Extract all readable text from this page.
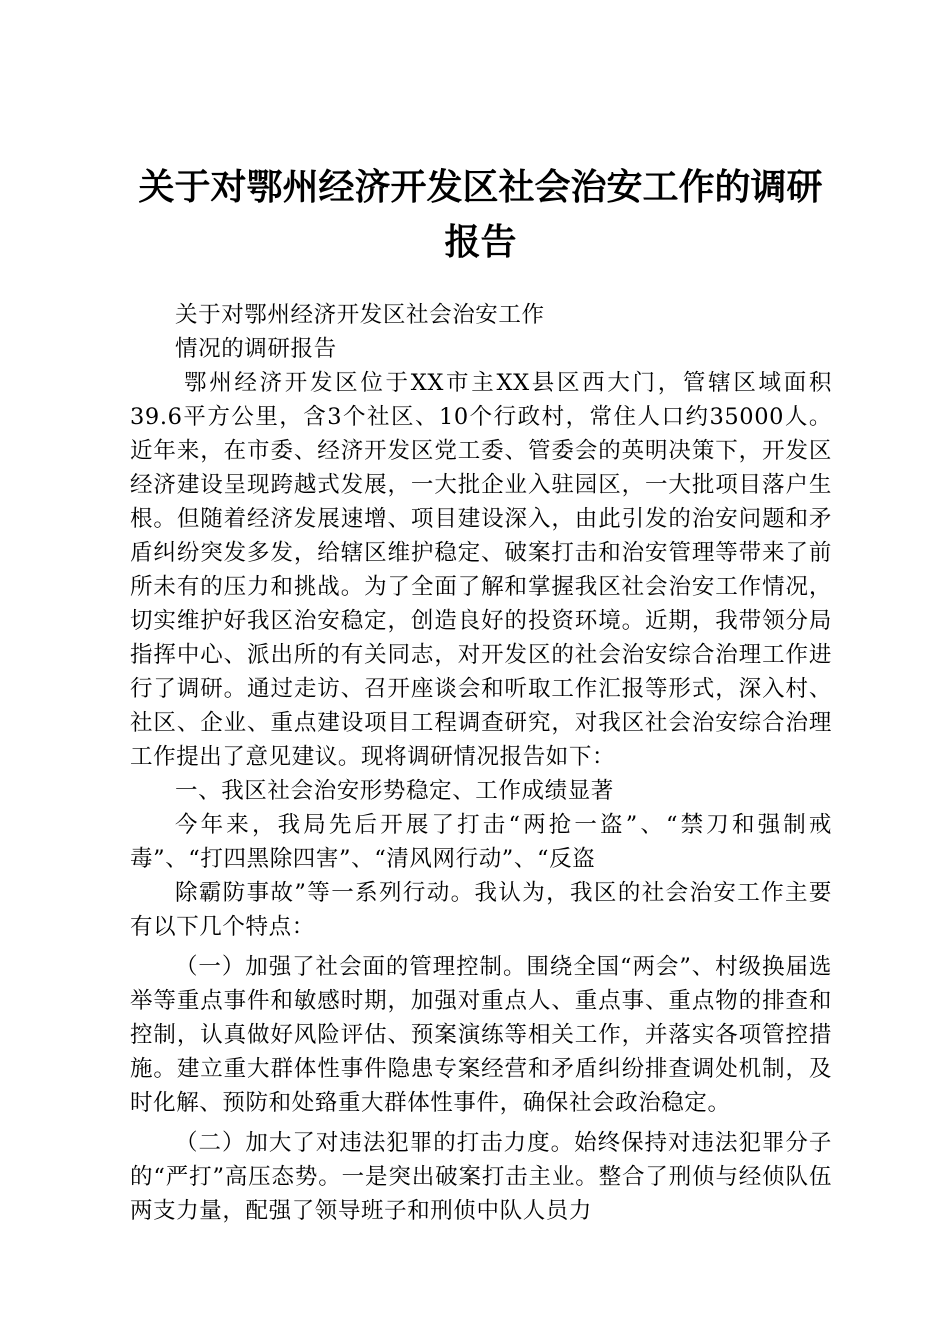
关于对鄂州经济开发区社会治安工作的调研报告

关于对鄂州经济开发区社会治安工作

情况的调研报告

鄂州经济开发区位于XX市主XX县区西大门，管辖区域面积39.6平方公里，含3个社区、10个行政村，常住人口约35000人。近年来，在市委、经济开发区党工委、管委会的英明决策下，开发区经济建设呈现跨越式发展，一大批企业入驻园区，一大批项目落户生根。但随着经济发展速增、项目建设深入，由此引发的治安问题和矛盾纠纷突发多发，给辖区维护稳定、破案打击和治安管理等带来了前所未有的压力和挑战。为了全面了解和掌握我区社会治安工作情况，切实维护好我区治安稳定，创造良好的投资环境。近期，我带领分局指挥中心、派出所的有关同志，对开发区的社会治安综合治理工作进行了调研。通过走访、召开座谈会和听取工作汇报等形式，深入村、社区、企业、重点建设项目工程调查研究，对我区社会治安综合治理工作提出了意见建议。现将调研情况报告如下：

一、我区社会治安形势稳定、工作成绩显著

今年来，我局先后开展了打击“两抢一盗”、“禁刀和强制戒毒”、“打四黑除四害”、“清风网行动”、“反盗

除霸防事故”等一系列行动。我认为，我区的社会治安工作主要有以下几个特点：

（一）加强了社会面的管理控制。围绕全国“两会”、村级换届选举等重点事件和敏感时期，加强对重点人、重点事、重点物的排查和控制，认真做好风险评估、预案演练等相关工作，并落实各项管控措施。建立重大群体性事件隐患专案经营和矛盾纠纷排查调处机制，及时化解、预防和处臵重大群体性事件，确保社会政治稳定。

（二）加大了对违法犯罪的打击力度。始终保持对违法犯罪分子的“严打”高压态势。一是突出破案打击主业。整合了刑侦与经侦队伍两支力量，配强了领导班子和刑侦中队人员力
